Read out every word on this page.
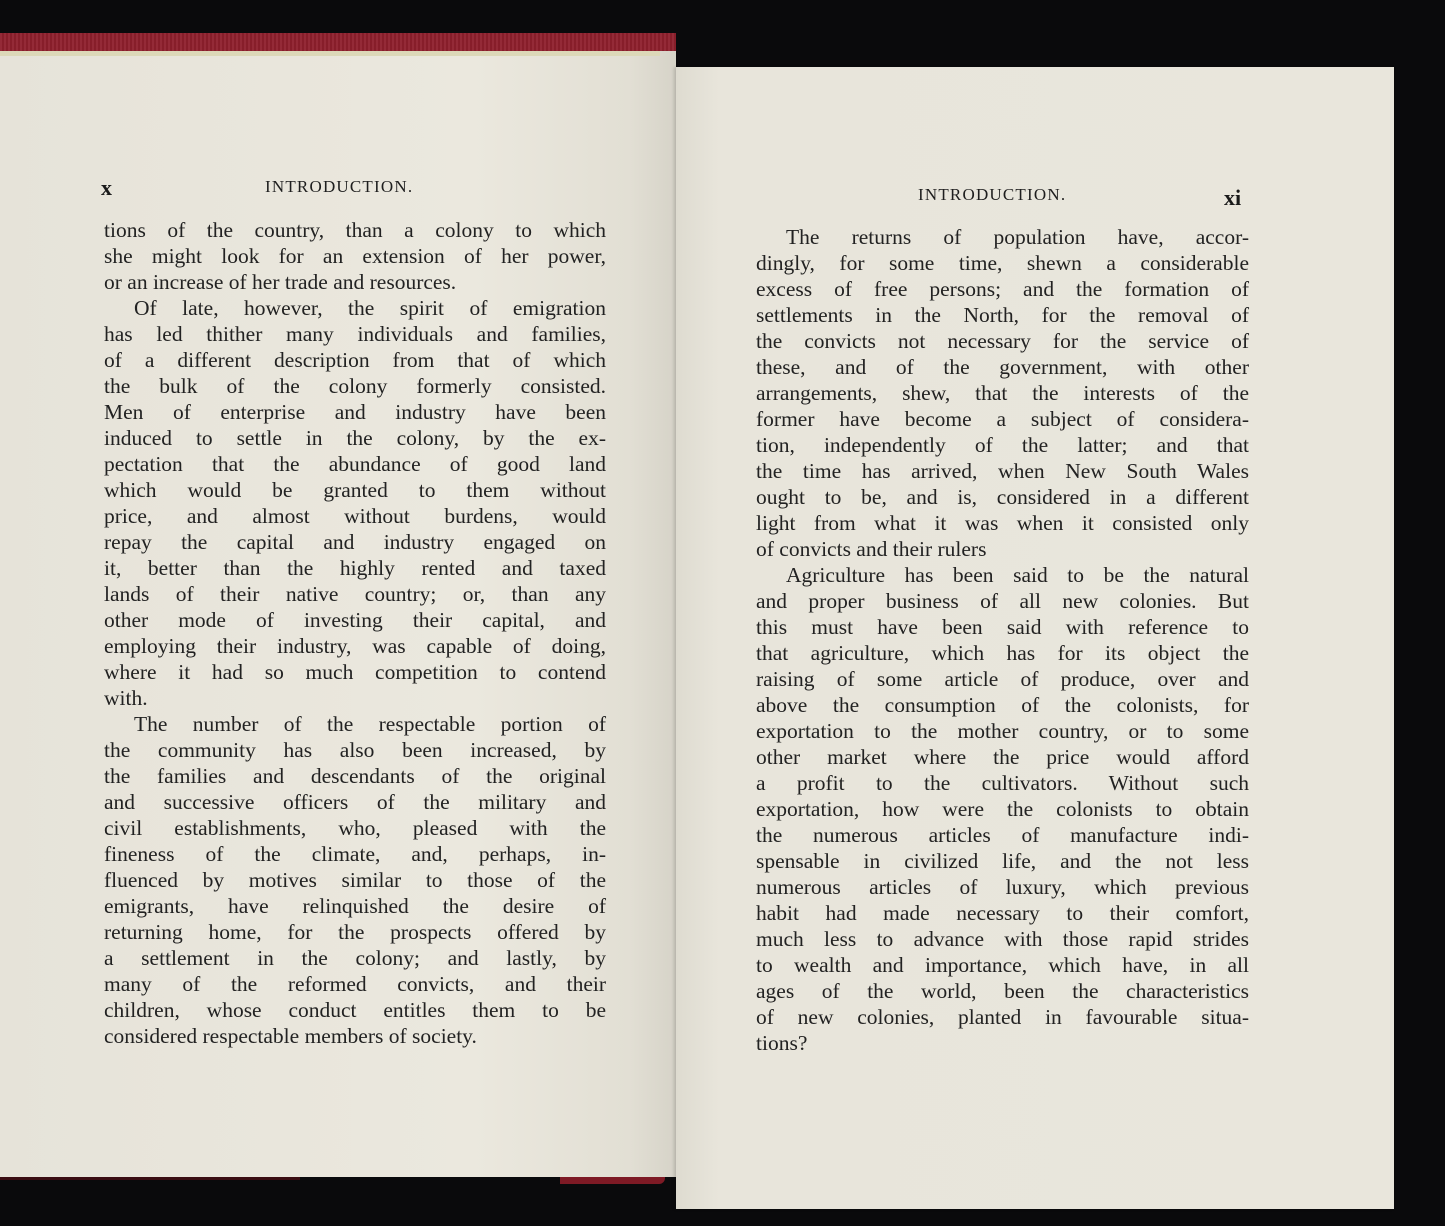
x	INTRODUCTION.
tions of the country, than a colony to which
she might look for an extension of her power,
or an increase of her trade and resources.
Of late, however, the spirit of emigration
has led thither many individuals and families,
of a different description from that of which
the bulk of the colony formerly consisted.
Men of enterprise and industry have been
induced to settle in the colony, by the ex-
pectation that the abundance of good land
which would be granted to them without
price, and almost without burdens, would
repay the capital and industry engaged on
it, better than the highly rented and taxed
lands of their native country; or, than any
other mode of investing their capital, and
employing their industry, was capable of doing,
where it had so much competition to contend
with.
The number of the respectable portion of
the community has also been increased, by
the families and descendants of the original
and successive officers of the military and
civil establishments, who, pleased with the
fineness of the climate, and, perhaps, in-
fluenced by motives similar to those of the
emigrants, have relinquished the desire of
returning home, for the prospects offered by
a settlement in the colony; and lastly, by
many of the reformed convicts, and their
children, whose conduct entitles them to be
considered respectable members of society.
INTRODUCTION.	xi
The returns of population have, accor-
dingly, for some time, shewn a considerable
excess of free persons; and the formation of
settlements in the North, for the removal of
the convicts not necessary for the service of
these, and of the government, with other
arrangements, shew, that the interests of the
former have become a subject of considera-
tion, independently of the latter; and that
the time has arrived, when New South Wales
ought to be, and is, considered in a different
light from what it was when it consisted only
of convicts and their rulers
Agriculture has been said to be the natural
and proper business of all new colonies. But
this must have been said with reference to
that agriculture, which has for its object the
raising of some article of produce, over and
above the consumption of the colonists, for
exportation to the mother country, or to some
other market where the price would afford
a profit to the cultivators. Without such
exportation, how were the colonists to obtain
the numerous articles of manufacture indi-
spensable in civilized life, and the not less
numerous articles of luxury, which previous
habit had made necessary to their comfort,
much less to advance with those rapid strides
to wealth and importance, which have, in all
ages of the world, been the characteristics
of new colonies, planted in favourable situa-
tions?
